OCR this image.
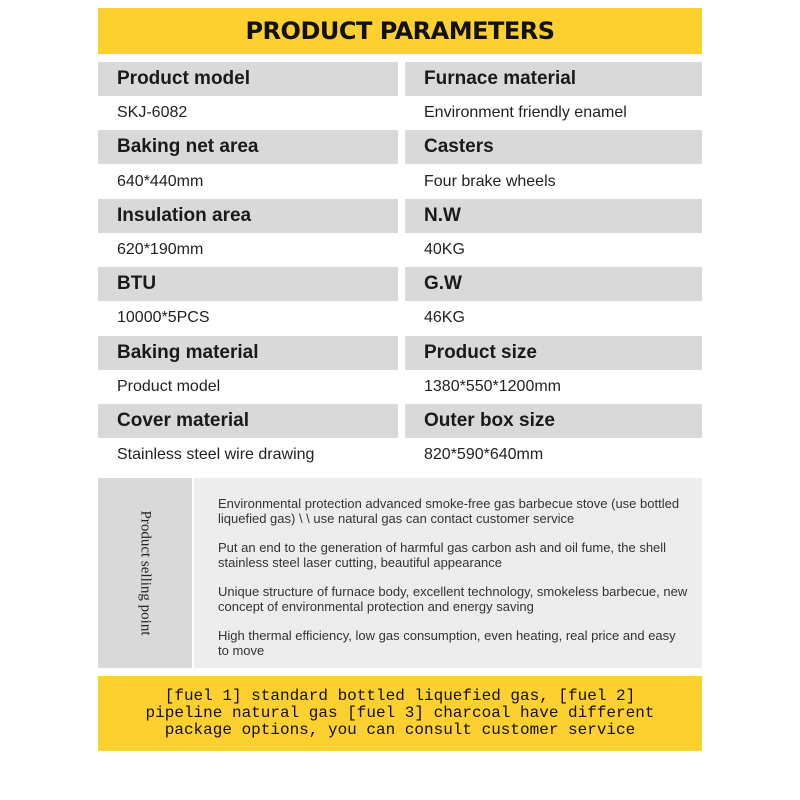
PRODUCT PARAMETERS
Product model	Furnace material
SKJ-6082	Environment friendly enamel
Baking net area	Casters
640*440mm	Four brake wheels
Insulation area	N.W
620*190mm	40KG
BTU	G.W
10000*5PCS	46KG
Baking material	Product size
Product model	1380*550*1200mm
Cover material	Outer box size
Stainless steel wire drawing	820*590*640mm
Product selling point

Environmental protection advanced smoke-free gas barbecue stove (use bottled liquefied gas) \ \ use natural gas can contact customer service

Put an end to the generation of harmful gas carbon ash and oil fume, the shell stainless steel laser cutting, beautiful appearance

Unique structure of furnace body, excellent technology, smokeless barbecue, new concept of environmental protection and energy saving

High thermal efficiency, low gas consumption, even heating, real price and easy to move

[fuel 1] standard bottled liquefied gas, [fuel 2] pipeline natural gas [fuel 3] charcoal have different package options, you can consult customer service
